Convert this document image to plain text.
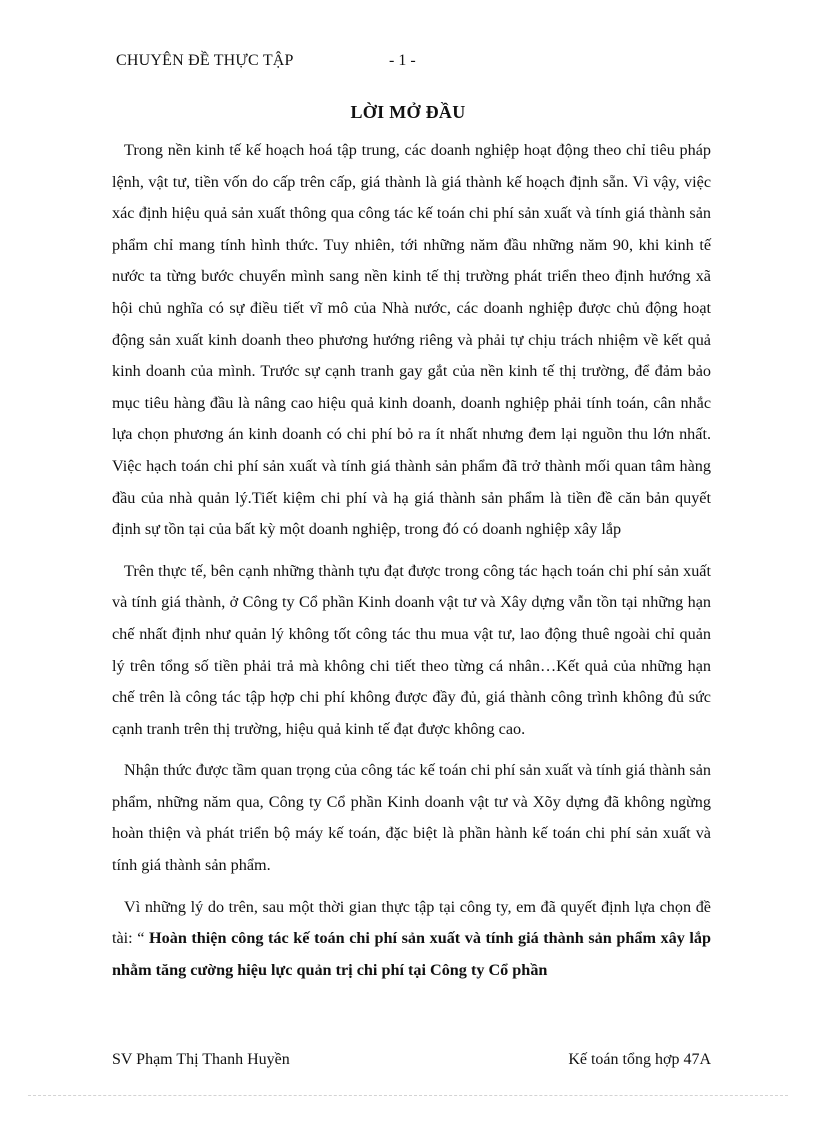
CHUYÊN ĐỀ THỰC TẬP	- 1 -
LỜI MỞ ĐẦU

Trong nền kinh tế kế hoạch hoá tập trung, các doanh nghiệp hoạt động theo chỉ tiêu pháp lệnh, vật tư, tiền vốn do cấp trên cấp, giá thành là giá thành kế hoạch định sẵn. Vì vậy, việc xác định hiệu quả sản xuất thông qua công tác kế toán chi phí sản xuất và tính giá thành sản phẩm chỉ mang tính hình thức. Tuy nhiên, tới những năm đầu những năm 90, khi kinh tế nước ta từng bước chuyển mình sang nền kinh tế thị trường phát triển theo định hướng xã hội chủ nghĩa có sự điều tiết vĩ mô của Nhà nước, các doanh nghiệp được chủ động hoạt động sản xuất kinh doanh theo phương hướng riêng và phải tự chịu trách nhiệm về kết quả kinh doanh của mình. Trước sự cạnh tranh gay gắt của nền kinh tế thị trường, để đảm bảo mục tiêu hàng đầu là nâng cao hiệu quả kinh doanh, doanh nghiệp phải tính toán, cân nhắc lựa chọn phương án kinh doanh có chi phí bỏ ra ít nhất nhưng đem lại nguồn thu lớn nhất. Việc hạch toán chi phí sản xuất và tính giá thành sản phẩm đã trở thành mối quan tâm hàng đầu của nhà quản lý.Tiết kiệm chi phí và hạ giá thành sản phẩm là tiền đề căn bản quyết định sự tồn tại của bất kỳ một doanh nghiệp, trong đó có doanh nghiệp xây lắp

Trên thực tế, bên cạnh những thành tựu đạt được trong công tác hạch toán chi phí sản xuất và tính giá thành, ở Công ty Cổ phần Kinh doanh vật tư và Xây dựng vẫn tồn tại những hạn chế nhất định như quản lý không tốt công tác thu mua vật tư, lao động thuê ngoài chỉ quản lý trên tổng số tiền phải trả mà không chi tiết theo từng cá nhân…Kết quả của những hạn chế trên là công tác tập hợp chi phí không được đầy đủ, giá thành công trình không đủ sức cạnh tranh trên thị trường, hiệu quả kinh tế đạt được không cao.

Nhận thức được tầm quan trọng của công tác kế toán chi phí sản xuất và tính giá thành sản phẩm, những năm qua, Công ty Cổ phần Kinh doanh vật tư và Xõy dựng đã không ngừng hoàn thiện và phát triển bộ máy kế toán, đặc biệt là phần hành kế toán chi phí sản xuất và tính giá thành sản phẩm.

Vì những lý do trên, sau một thời gian thực tập tại công ty, em đã quyết định lựa chọn đề tài: “ Hoàn thiện công tác kế toán chi phí sản xuất và tính giá thành sản phẩm xây lắp nhằm tăng cường hiệu lực quản trị chi phí tại Công ty Cổ phần

SV Phạm Thị Thanh Huyền	Kế toán tổng hợp 47A
